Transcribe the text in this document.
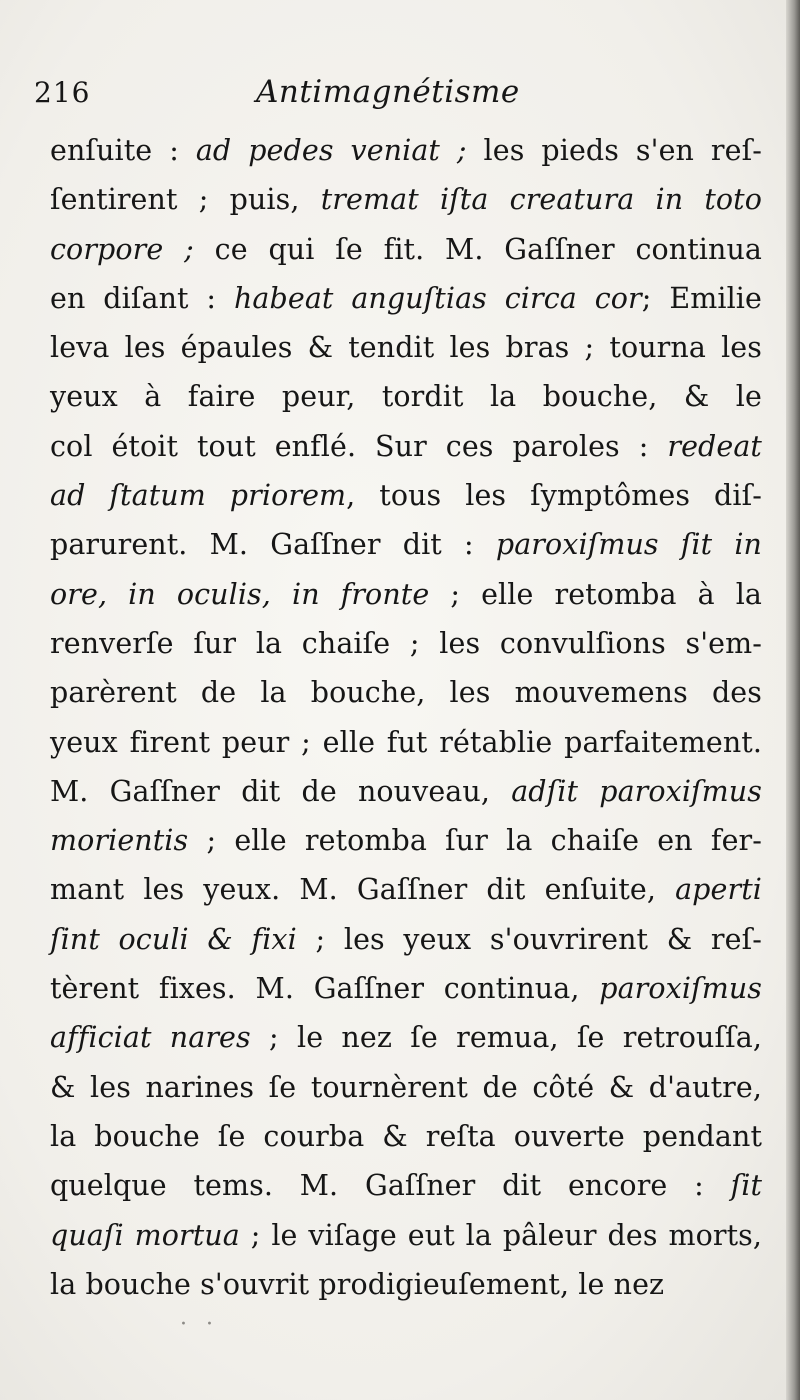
216	Antimagnétisme
enſuite : ad pedes veniat ; les pieds s'en reſ-
ſentirent ; puis, tremat iſta creatura in toto
corpore ; ce qui ſe fit. M. Gaſſner continua
en diſant : habeat anguſtias circa cor; Emilie
leva les épaules & tendit les bras ; tourna les
yeux à faire peur, tordit la bouche, & le
col étoit tout enflé. Sur ces paroles : redeat
ad ſtatum priorem, tous les ſymptômes diſ-
parurent. M. Gaſſner dit : paroxiſmus ſit in
ore, in oculis, in fronte ; elle retomba à la
renverſe ſur la chaiſe ; les convulſions s'em-
parèrent de la bouche, les mouvemens des
yeux firent peur ; elle fut rétablie parfaitement.
M. Gaſſner dit de nouveau, adſit paroxiſmus
morientis ; elle retomba ſur la chaiſe en fer-
mant les yeux. M. Gaſſner dit enſuite, aperti
ſint oculi & fixi ; les yeux s'ouvrirent & reſ-
tèrent fixes. M. Gaſſner continua, paroxiſmus
afficiat nares ; le nez ſe remua, ſe retrouſſa,
& les narines ſe tournèrent de côté & d'autre,
la bouche ſe courba & reſta ouverte pendant
quelque tems. M. Gaſſner dit encore : ſit
quaſi mortua ; le viſage eut la pâleur des morts,
la bouche s'ouvrit prodigieuſement, le nez
· ·
